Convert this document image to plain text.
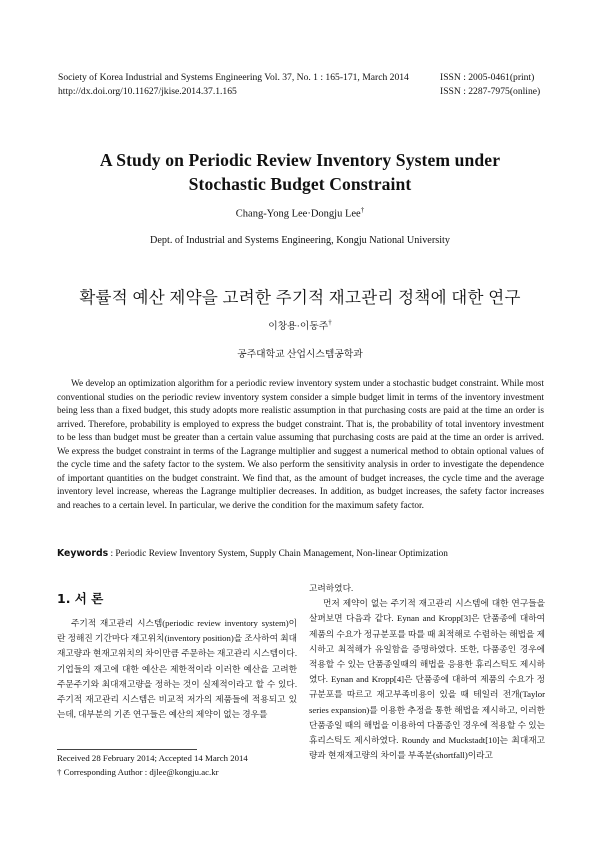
Society of Korea Industrial and Systems Engineering Vol. 37, No. 1 : 165-171, March 2014
http://dx.doi.org/10.11627/jkise.2014.37.1.165
ISSN : 2005-0461(print)
ISSN : 2287-7975(online)
A Study on Periodic Review Inventory System under
Stochastic Budget Constraint
Chang-Yong Lee·Dongju Lee†
Dept. of Industrial and Systems Engineering, Kongju National University
확률적 예산 제약을 고려한 주기적 재고관리 정책에 대한 연구
이창용·이동주†
공주대학교 산업시스템공학과

We develop an optimization algorithm for a periodic review inventory system under a stochastic budget constraint. While most conventional studies on the periodic review inventory system consider a simple budget limit in terms of the inventory investment being less than a fixed budget, this study adopts more realistic assumption in that purchasing costs are paid at the time an order is arrived. Therefore, probability is employed to express the budget constraint. That is, the probability of total inventory investment to be less than budget must be greater than a certain value assuming that purchasing costs are paid at the time an order is arrived. We express the budget constraint in terms of the Lagrange multiplier and suggest a numerical method to obtain optional values of the cycle time and the safety factor to the system. We also perform the sensitivity analysis in order to investigate the dependence of important quantities on the budget constraint. We find that, as the amount of budget increases, the cycle time and the average inventory level increase, whereas the Lagrange multiplier decreases. In addition, as budget increases, the safety factor increases and reaches to a certain level. In particular, we derive the condition for the maximum safety factor.

Keywords : Periodic Review Inventory System, Supply Chain Management, Non-linear Optimization
1. 서 론

주기적 재고관리 시스템(periodic review inventory system)이란 정해진 기간마다 재고위치(inventory position)을 조사하여 최대 재고량과 현재고위치의 차이만큼 주문하는 재고관리 시스템이다. 기업들의 재고에 대한 예산은 제한적이라 이러한 예산을 고려한 주문주기와 최대재고량을 정하는 것이 실제적이라고 할 수 있다. 주기적 재고관리 시스템은 비교적 저가의 제품들에 적용되고 있는데, 대부분의 기존 연구들은 예산의 제약이 없는 경우를

고려하였다.

먼저 제약이 없는 주기적 재고관리 시스템에 대한 연구들을 살펴보면 다음과 같다. Eynan and Kropp[3]은 단품종에 대하여 제품의 수요가 정규분포를 따를 때 최적해로 수렴하는 해법을 제시하고 최적해가 유일함을 증명하였다. 또한, 다품종인 경우에 적용할 수 있는 단품종일때의 해법을 응용한 휴리스틱도 제시하였다. Eynan and Kropp[4]은 단품종에 대하여 제품의 수요가 정규분포를 따르고 재고부족비용이 있을 때 테일러 전개(Taylor series expansion)를 이용한 추정을 통한 해법을 제시하고, 이러한 단품종일 때의 해법을 이용하여 다품종인 경우에 적용할 수 있는 휴리스틱도 제시하였다. Roundy and Muckstadt[10]는 최대재고량과 현재재고량의 차이를 부족분(shortfall)이라고

Received 28 February 2014; Accepted 14 March 2014
† Corresponding Author : djlee@kongju.ac.kr
